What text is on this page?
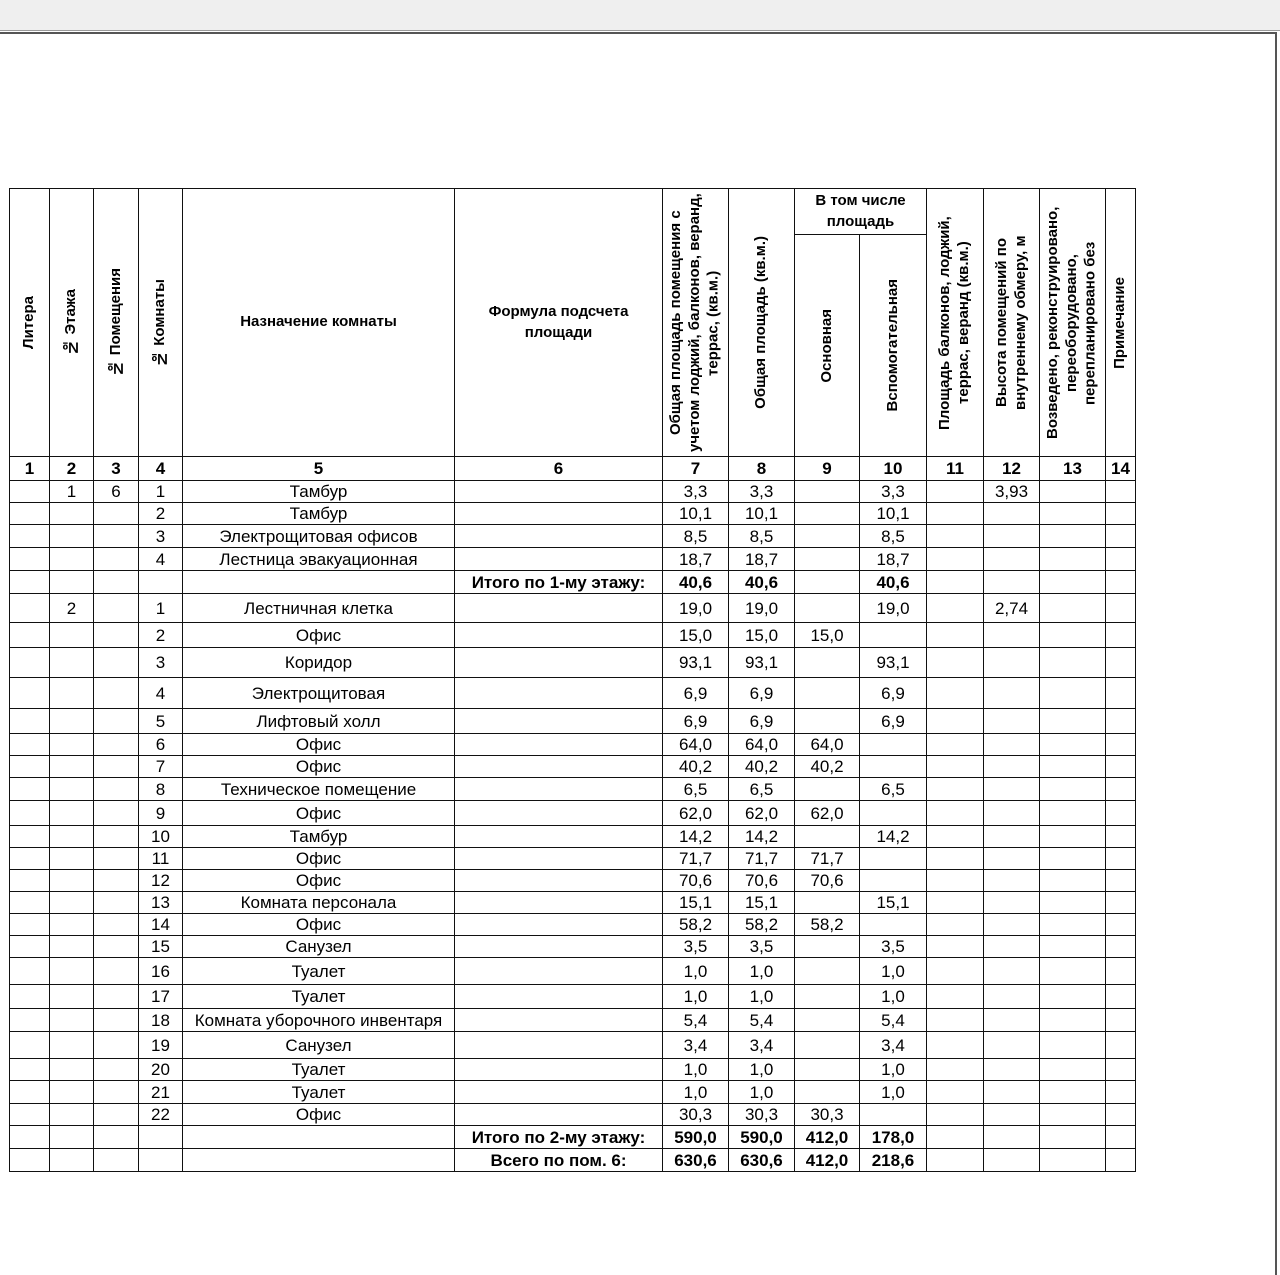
Литера	№ Этажа	№ Помещения	№ Комнаты	Назначение комнаты	Формула подсчета площади	Общая площадь помещения с учетом лоджий, балконов, веранд, террас, (кв.м.)	Общая площадь (кв.м.)	В том числе площадь		Площадь балконов, лоджий, террас, веранд (кв.м.)	Высота помещений по внутреннему обмеру, м	Возведено, реконструировано, переоборудовано, перепланировано без	Примечание

								Основная	Вспомогательная				

1	2	3	4	5	6	7	8	9	10	11	12	13	14
	1	6	1	Тамбур		3,3	3,3		3,3		3,93		
			2	Тамбур		10,1	10,1		10,1				
			3	Электрощитовая офисов		8,5	8,5		8,5				
			4	Лестница эвакуационная		18,7	18,7		18,7				
					Итого по 1-му этажу:	40,6	40,6		40,6				
	2		1	Лестничная клетка		19,0	19,0		19,0		2,74		
			2	Офис		15,0	15,0	15,0					
			3	Коридор		93,1	93,1		93,1				
			4	Электрощитовая		6,9	6,9		6,9				
			5	Лифтовый холл		6,9	6,9		6,9				
			6	Офис		64,0	64,0	64,0					
			7	Офис		40,2	40,2	40,2					
			8	Техническое помещение		6,5	6,5		6,5				
			9	Офис		62,0	62,0	62,0					
			10	Тамбур		14,2	14,2		14,2				
			11	Офис		71,7	71,7	71,7					
			12	Офис		70,6	70,6	70,6					
			13	Комната персонала		15,1	15,1		15,1				
			14	Офис		58,2	58,2	58,2					
			15	Санузел		3,5	3,5		3,5				
			16	Туалет		1,0	1,0		1,0				
			17	Туалет		1,0	1,0		1,0				
			18	Комната уборочного инвентаря		5,4	5,4		5,4				
			19	Санузел		3,4	3,4		3,4				
			20	Туалет		1,0	1,0		1,0				
			21	Туалет		1,0	1,0		1,0				
			22	Офис		30,3	30,3	30,3					
					Итого по 2-му этажу:	590,0	590,0	412,0	178,0				
					Всего по пом. 6:	630,6	630,6	412,0	218,6				
